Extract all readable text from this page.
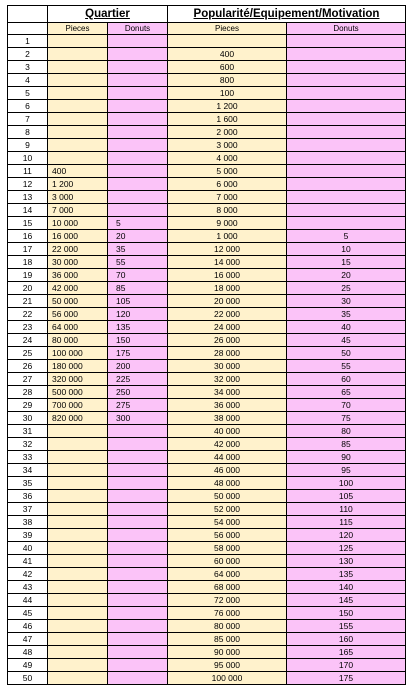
	Quartier		Popularité/Equipement/Motivation	
	Pieces	Donuts	Pieces	Donuts
1				
2			400	
3			600	
4			800	
5			100	
6			1 200	
7			1 600	
8			2 000	
9			3 000	
10			4 000	
11	400		5 000	
12	1 200		6 000	
13	3 000		7 000	
14	7 000		8 000	
15	10 000	5	9 000	
16	16 000	20	1 000	5
17	22 000	35	12 000	10
18	30 000	55	14 000	15
19	36 000	70	16 000	20
20	42 000	85	18 000	25
21	50 000	105	20 000	30
22	56 000	120	22 000	35
23	64 000	135	24 000	40
24	80 000	150	26 000	45
25	100 000	175	28 000	50
26	180 000	200	30 000	55
27	320 000	225	32 000	60
28	500 000	250	34 000	65
29	700 000	275	36 000	70
30	820 000	300	38 000	75
31			40 000	80
32			42 000	85
33			44 000	90
34			46 000	95
35			48 000	100
36			50 000	105
37			52 000	110
38			54 000	115
39			56 000	120
40			58 000	125
41			60 000	130
42			64 000	135
43			68 000	140
44			72 000	145
45			76 000	150
46			80 000	155
47			85 000	160
48			90 000	165
49			95 000	170
50			100 000	175
